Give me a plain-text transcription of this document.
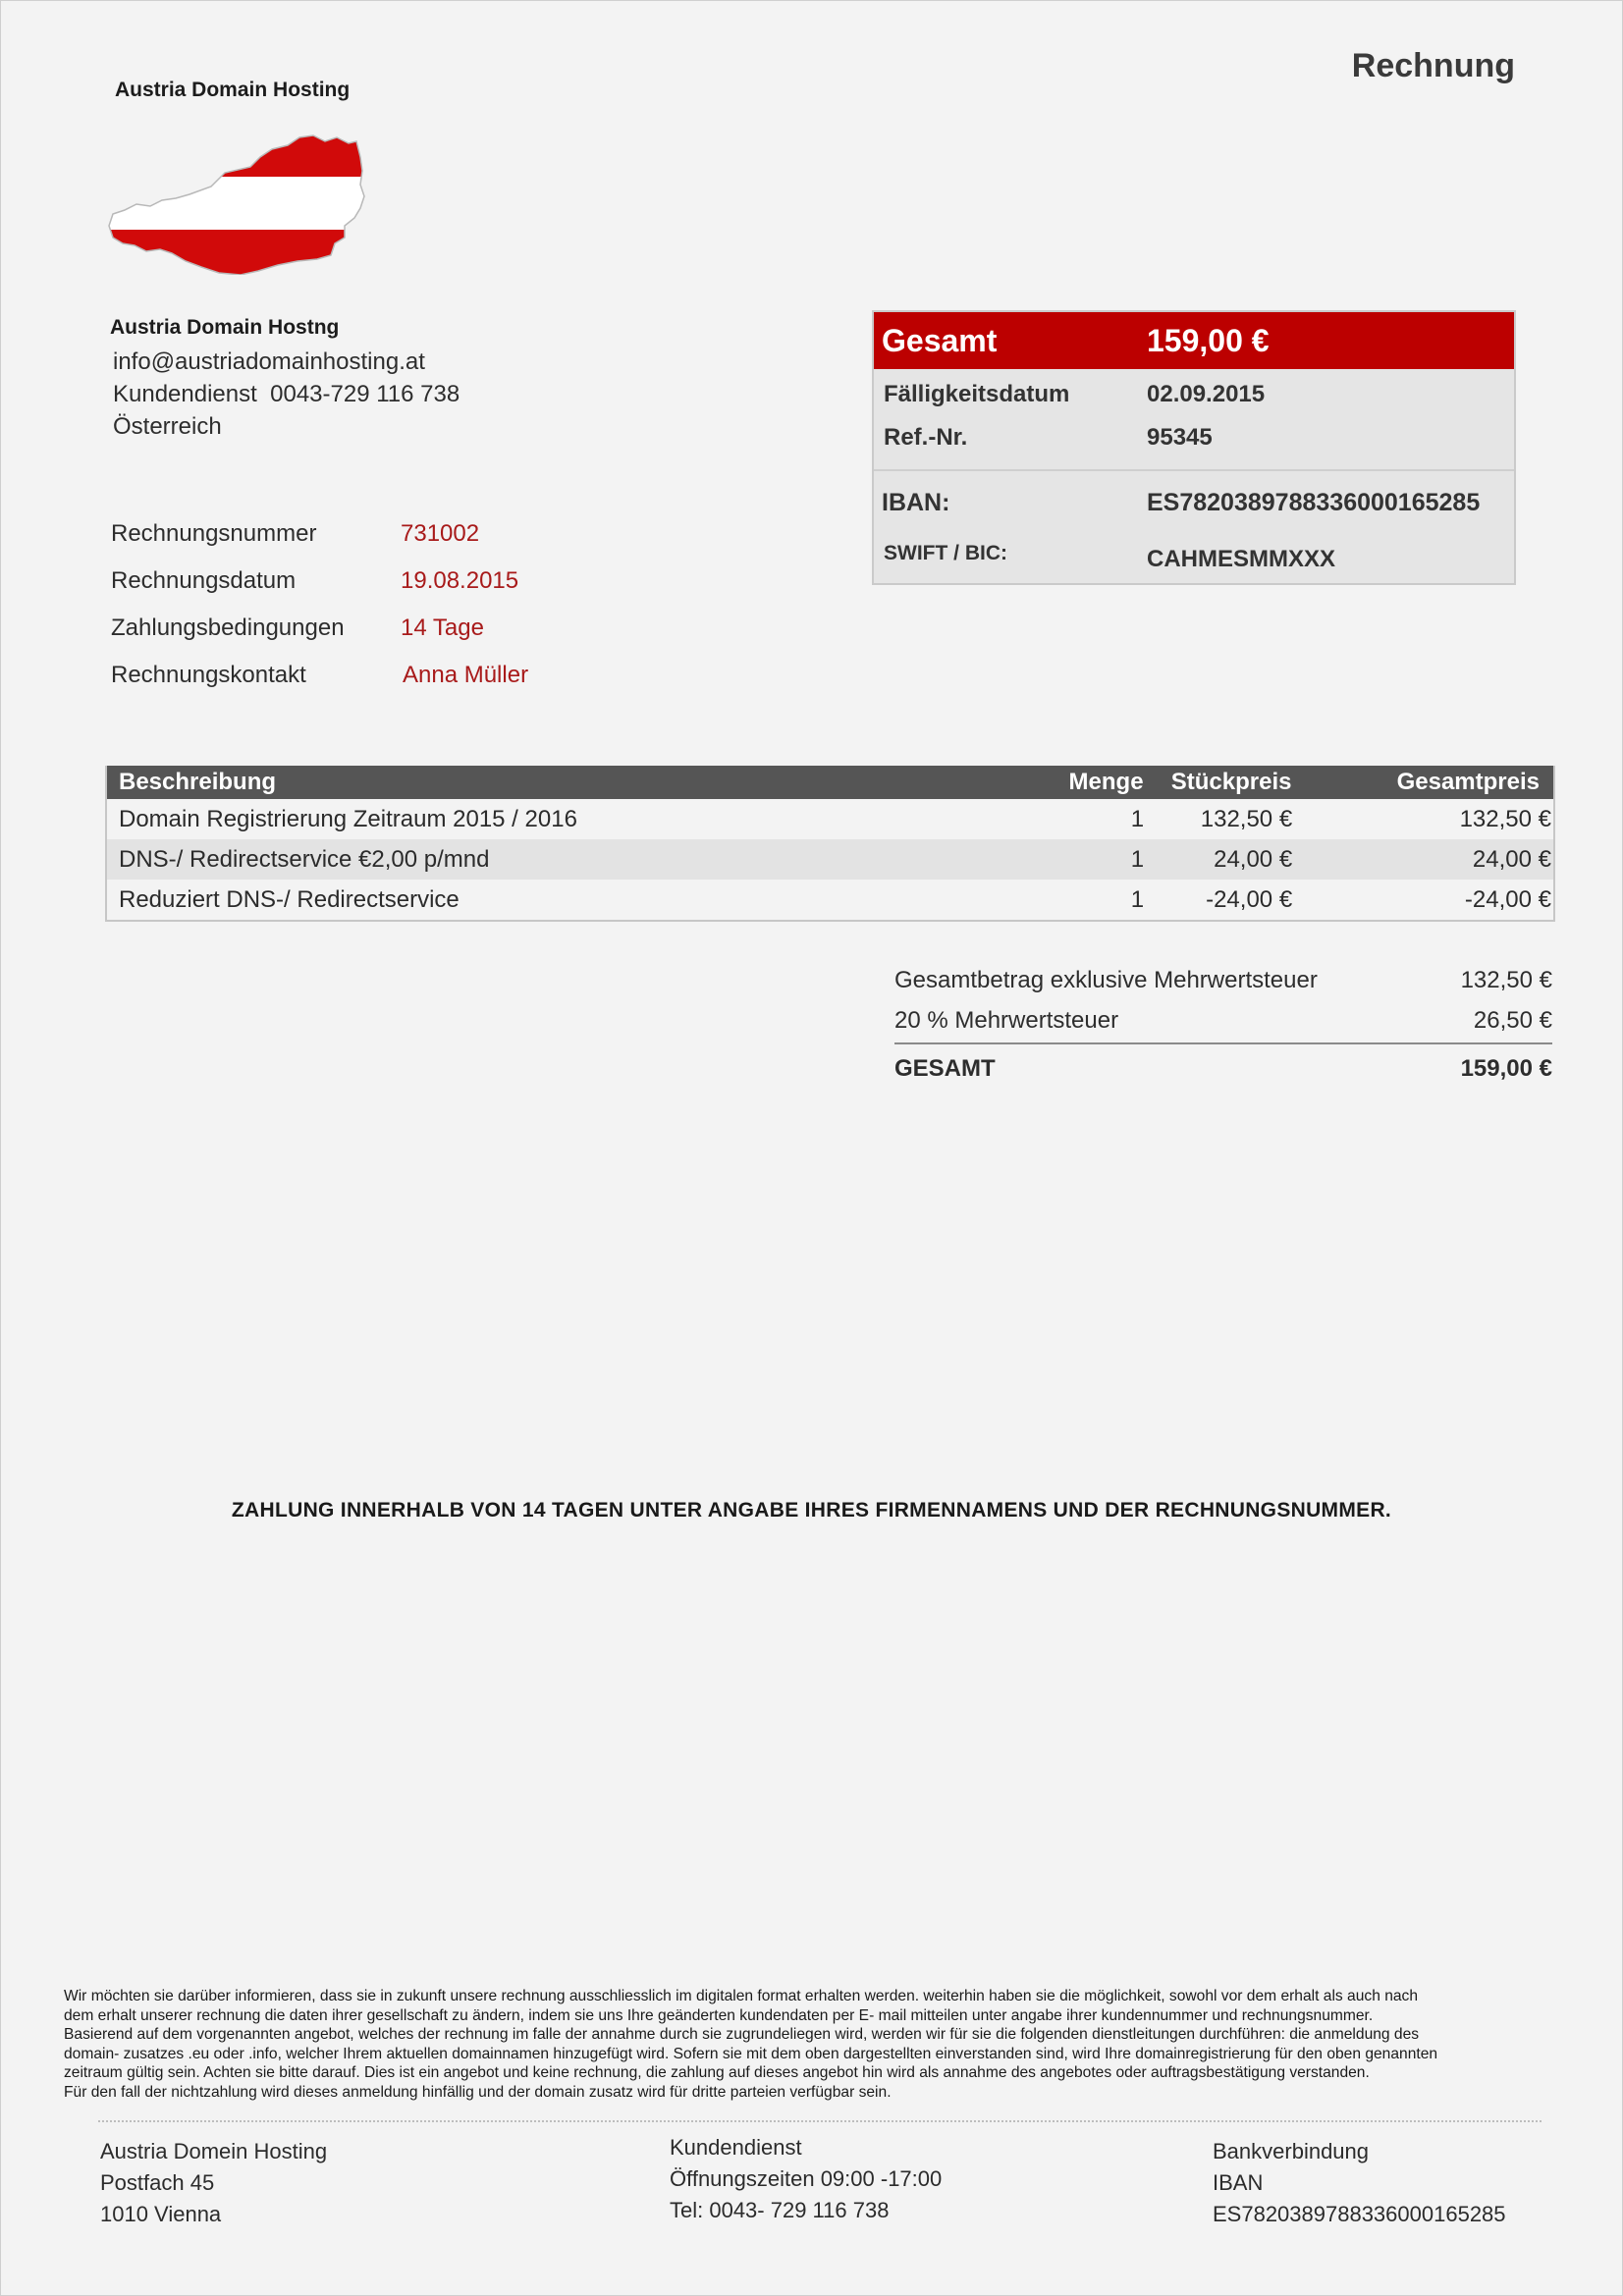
Rechnung
Austria Domain Hosting
Austria Domain Hostng
info@austriadomainhosting.at
Kundendienst  0043-729 116 738
Österreich
Rechnungsnummer	731002
Rechnungsdatum	19.08.2015
Zahlungsbedingungen	14 Tage
Rechnungskontakt	Anna Müller
Gesamt	159,00 €
Fälligkeitsdatum	02.09.2015
Ref.-Nr.	95345
IBAN:	ES7820389788336000165285
SWIFT / BIC:	CAHMESMMXXX
Beschreibung	Menge	Stückpreis	Gesamtpreis
Domain Registrierung Zeitraum 2015 / 2016	1	132,50 €	132,50 €
DNS-/ Redirectservice €2,00 p/mnd	1	24,00 €	24,00 €
Reduziert DNS-/ Redirectservice	1	-24,00 €	-24,00 €
Gesamtbetrag exklusive Mehrwertsteuer	132,50 €
20 % Mehrwertsteuer	26,50 €
GESAMT	159,00 €
ZAHLUNG INNERHALB VON 14 TAGEN UNTER ANGABE IHRES FIRMENNAMENS UND DER RECHNUNGSNUMMER.
Wir möchten sie darüber informieren, dass sie in zukunft unsere rechnung ausschliesslich im digitalen format erhalten werden. weiterhin haben sie die möglichkeit, sowohl vor dem erhalt als auch nach
dem erhalt unserer rechnung die daten ihrer gesellschaft zu ändern, indem sie uns Ihre geänderten kundendaten per E- mail mitteilen unter angabe ihrer kundennummer und rechnungsnummer.
Basierend auf dem vorgenannten angebot, welches der rechnung im falle der annahme durch sie zugrundeliegen wird, werden wir für sie die folgenden dienstleitungen durchführen: die anmeldung des
domain- zusatzes .eu oder .info, welcher Ihrem aktuellen domainnamen hinzugefügt wird. Sofern sie mit dem oben dargestellten einverstanden sind, wird Ihre domainregistrierung für den oben genannten
zeitraum gültig sein. Achten sie bitte darauf. Dies ist ein angebot und keine rechnung, die zahlung auf dieses angebot hin wird als annahme des angebotes oder auftragsbestätigung verstanden.
Für den fall der nichtzahlung wird dieses anmeldung hinfällig und der domain zusatz wird für dritte parteien verfügbar sein.
Austria Domein Hosting
Postfach 45
1010 Vienna
Kundendienst
Öffnungszeiten 09:00 -17:00
Tel: 0043- 729 116 738
Bankverbindung
IBAN
ES7820389788336000165285
